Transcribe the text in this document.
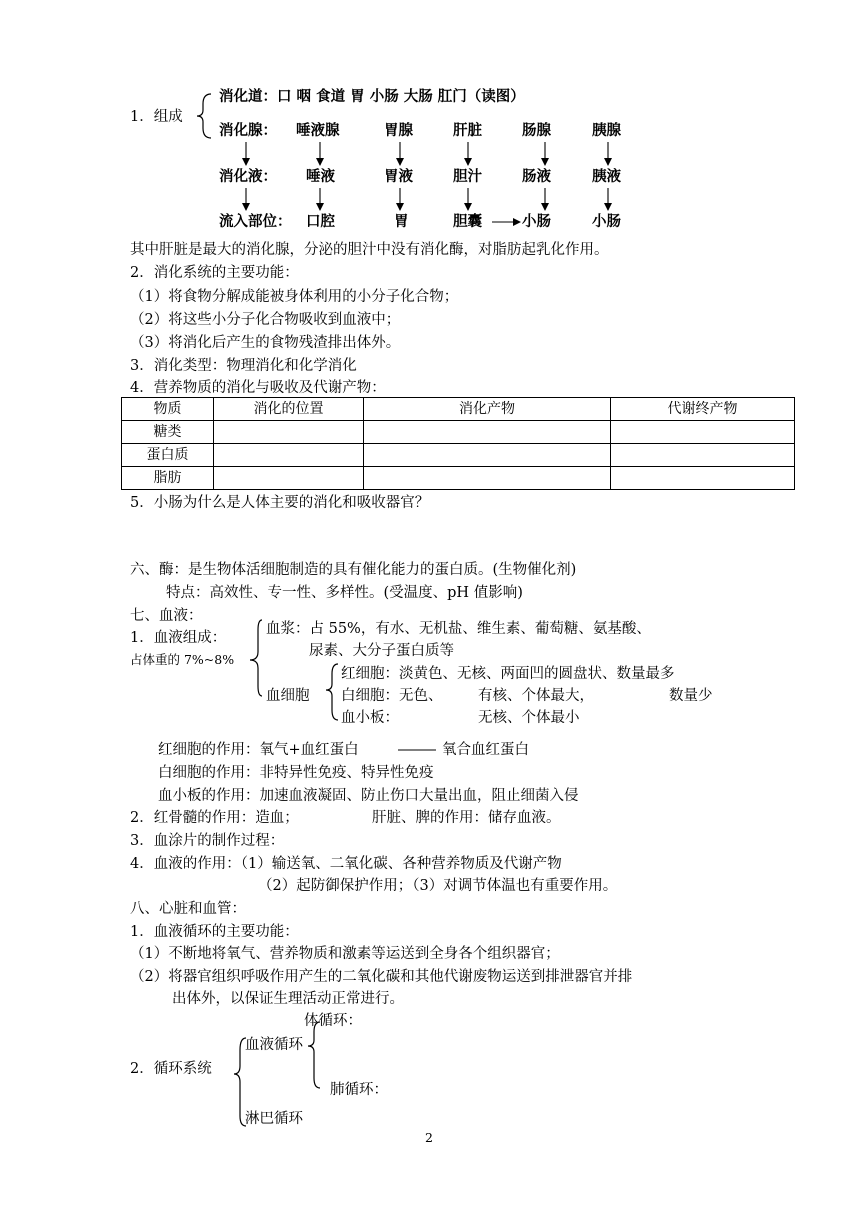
1．组成
消化道：口 咽 食道 胃 小肠 大肠 肛门（读图）
消化腺： 唾液腺	胃腺	肝脏	肠腺	胰腺
消化液： 唾液	胃液	胆汁	肠液	胰液
流入部位： 口腔	胃	胆囊	小肠	小肠
其中肝脏是最大的消化腺，分泌的胆汁中没有消化酶，对脂肪起乳化作用。
2．消化系统的主要功能：
（1）将食物分解成能被身体利用的小分子化合物；
（2）将这些小分子化合物吸收到血液中；
（3）将消化后产生的食物残渣排出体外。
3．消化类型：物理消化和化学消化
4．营养物质的消化与吸收及代谢产物：
物质	消化的位置	消化产物	代谢终产物
糖类			
蛋白质			
脂肪			
5．小肠为什么是人体主要的消化和吸收器官？
六、酶：是生物体活细胞制造的具有催化能力的蛋白质。(生物催化剂)
特点：高效性、专一性、多样性。(受温度、pH 值影响)
七、血液：
1．血液组成：
占体重的 7%~8%
血浆：占 55%，有水、无机盐、维生素、葡萄糖、氨基酸、
尿素、大分子蛋白质等
血细胞
红细胞：淡黄色、无核、两面凹的圆盘状、数量最多
白细胞：无色、 有核、个体最大，	数量少
血小板：	无核、个体最小
红细胞的作用：氧气+血红蛋白	氧合血红蛋白
白细胞的作用：非特异性免疫、特异性免疫
血小板的作用：加速血液凝固、防止伤口大量出血，阻止细菌入侵
2．红骨髓的作用：造血；	肝脏、脾的作用：储存血液。
3．血涂片的制作过程：
4．血液的作用：（1）输送氧、二氧化碳、各种营养物质及代谢产物
（2）起防御保护作用；（3）对调节体温也有重要作用。
八、心脏和血管：
1．血液循环的主要功能：
（1）不断地将氧气、营养物质和激素等运送到全身各个组织器官；
（2）将器官组织呼吸作用产生的二氧化碳和其他代谢废物运送到排泄器官并排
出体外，以保证生理活动正常进行。
2．循环系统
血液循环
体循环：
肺循环：
淋巴循环
2
